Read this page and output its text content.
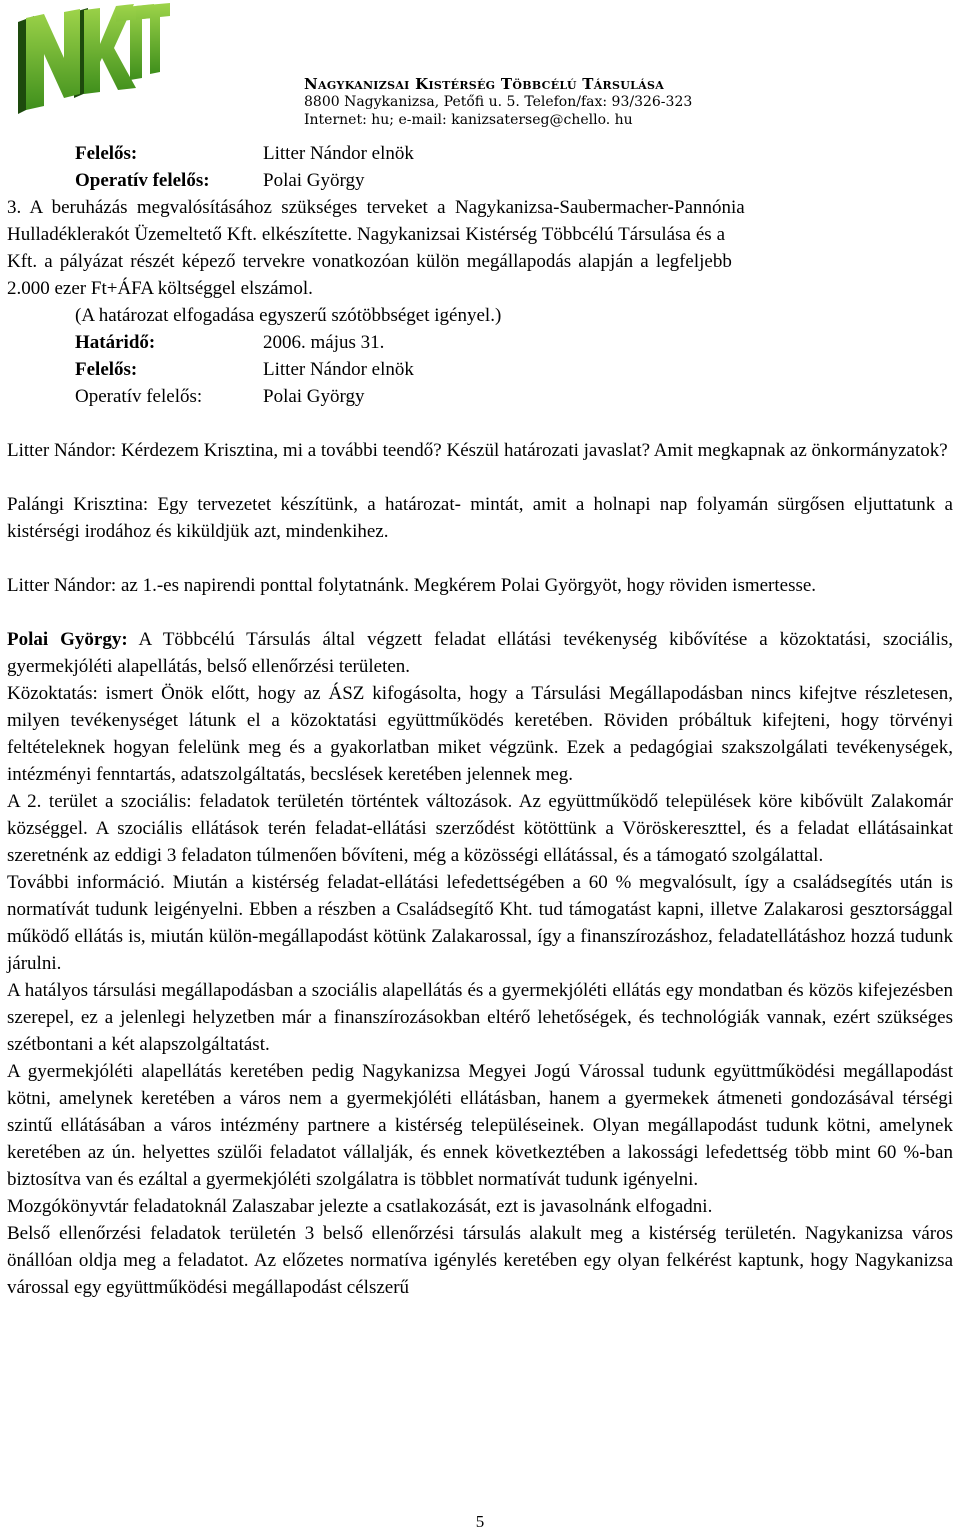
Nagykanizsai Kistérség Többcélú Társulása
8800 Nagykanizsa, Petőfi u. 5. Telefon/fax: 93/326-323
Internet: hu; e-mail: kanizsaterseg@chello. hu
Felelős:	Litter Nándor elnök
Operatív felelős:	Polai György
3. A beruházás megvalósításához szükséges terveket a Nagykanizsa-Saubermacher-Pannónia
Hulladéklerakót Üzemeltető Kft. elkészítette. Nagykanizsai Kistérség Többcélú Társulása és a
Kft. a pályázat részét képező tervekre vonatkozóan külön megállapodás alapján a legfeljebb
2.000 ezer Ft+ÁFA költséggel elszámol.
(A határozat elfogadása egyszerű szótöbbséget igényel.)
Határidő:	2006. május 31.
Felelős:	Litter Nándor elnök
Operatív felelős:	Polai György

Litter Nándor: Kérdezem Krisztina, mi a további teendő? Készül határozati javaslat? Amit megkapnak az önkormányzatok?

Palángi Krisztina: Egy tervezetet készítünk, a határozat- mintát, amit a holnapi nap folyamán sürgősen eljuttatunk a kistérségi irodához és kiküldjük azt, mindenkihez.

Litter Nándor: az 1.-es napirendi ponttal folytatnánk. Megkérem Polai Györgyöt, hogy röviden ismertesse.

Polai György: A Többcélú Társulás által végzett feladat ellátási tevékenység kibővítése a közoktatási, szociális, gyermekjóléti alapellátás, belső ellenőrzési területen.

Közoktatás: ismert Önök előtt, hogy az ÁSZ kifogásolta, hogy a Társulási Megállapodásban nincs kifejtve részletesen, milyen tevékenységet látunk el a közoktatási együttműködés keretében. Röviden próbáltuk kifejteni, hogy törvényi feltételeknek hogyan felelünk meg és a gyakorlatban miket végzünk. Ezek a pedagógiai szakszolgálati tevékenységek, intézményi fenntartás, adatszolgáltatás, becslések keretében jelennek meg.

A 2. terület a szociális: feladatok területén történtek változások. Az együttműködő települések köre kibővült Zalakomár községgel. A szociális ellátások terén feladat-ellátási szerződést kötöttünk a Vöröskereszttel, és a feladat ellátásainkat szeretnénk az eddigi 3 feladaton túlmenően bővíteni, még a közösségi ellátással, és a támogató szolgálattal.

További információ. Miután a kistérség feladat-ellátási lefedettségében a 60 % megvalósult, így a családsegítés után is normatívát tudunk leigényelni. Ebben a részben a Családsegítő Kht. tud támogatást kapni, illetve Zalakarosi gesztorsággal működő ellátás is, miután külön-megállapodást kötünk Zalakarossal, így a finanszírozáshoz, feladatellátáshoz hozzá tudunk járulni.

A hatályos társulási megállapodásban a szociális alapellátás és a gyermekjóléti ellátás egy mondatban és közös kifejezésben szerepel, ez a jelenlegi helyzetben már a finanszírozásokban eltérő lehetőségek, és technológiák vannak, ezért szükséges szétbontani a két alapszolgáltatást.

A gyermekjóléti alapellátás keretében pedig Nagykanizsa Megyei Jogú Várossal tudunk együttműködési megállapodást kötni, amelynek keretében a város nem a gyermekjóléti ellátásban, hanem a gyermekek átmeneti gondozásával térségi szintű ellátásában a város intézmény partnere a kistérség településeinek. Olyan megállapodást tudunk kötni, amelynek keretében az ún. helyettes szülői feladatot vállalják, és ennek következtében a lakossági lefedettség több mint 60 %-ban biztosítva van és ezáltal a gyermekjóléti szolgálatra is többlet normatívát tudunk igényelni.

Mozgókönyvtár feladatoknál Zalaszabar jelezte a csatlakozását, ezt is javasolnánk elfogadni.

Belső ellenőrzési feladatok területén 3 belső ellenőrzési társulás alakult meg a kistérség területén. Nagykanizsa város önállóan oldja meg a feladatot. Az előzetes normatíva igénylés keretében egy olyan felkérést kaptunk, hogy Nagykanizsa várossal egy együttműködési megállapodást célszerű

5
